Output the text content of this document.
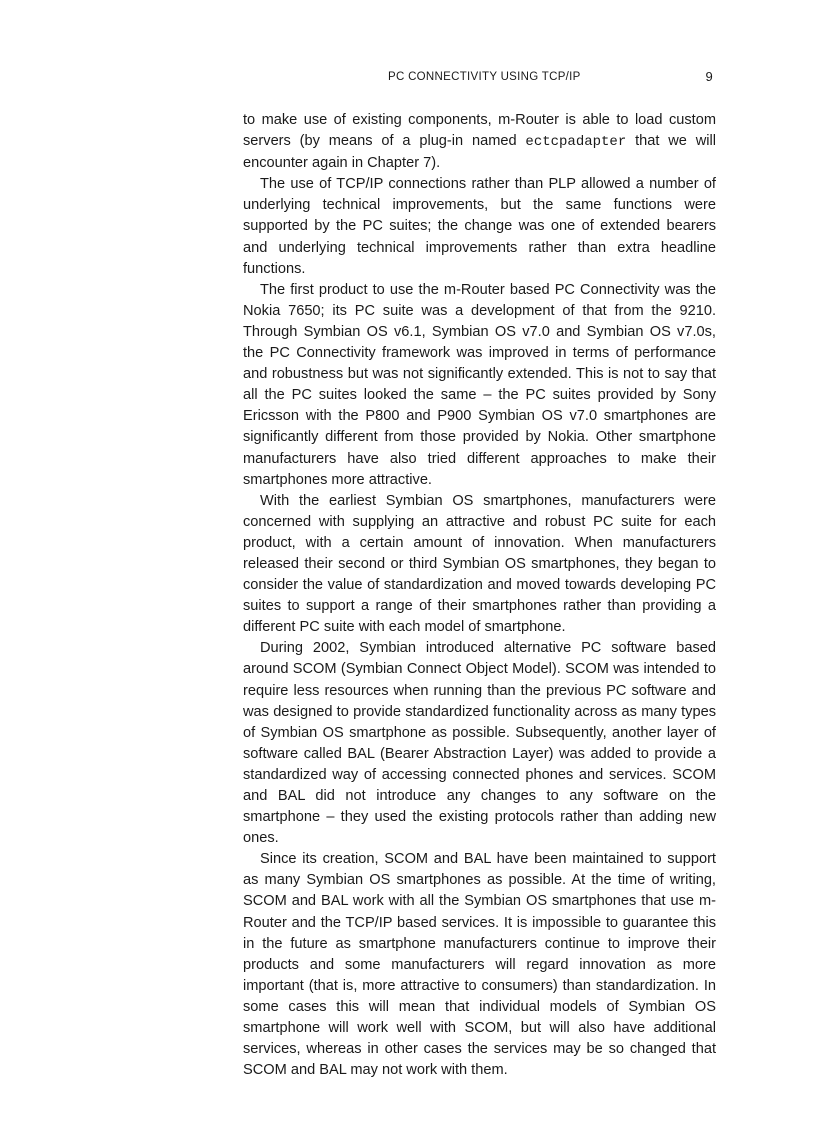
PC CONNECTIVITY USING TCP/IP	9

to make use of existing components, m-Router is able to load custom servers (by means of a plug-in named ectcpadapter that we will encounter again in Chapter 7).

The use of TCP/IP connections rather than PLP allowed a number of underlying technical improvements, but the same functions were supported by the PC suites; the change was one of extended bearers and underlying technical improvements rather than extra headline functions.

The first product to use the m-Router based PC Connectivity was the Nokia 7650; its PC suite was a development of that from the 9210. Through Symbian OS v6.1, Symbian OS v7.0 and Symbian OS v7.0s, the PC Connectivity framework was improved in terms of performance and robustness but was not significantly extended. This is not to say that all the PC suites looked the same – the PC suites provided by Sony Ericsson with the P800 and P900 Symbian OS v7.0 smartphones are significantly different from those provided by Nokia. Other smartphone manufacturers have also tried different approaches to make their smartphones more attractive.

With the earliest Symbian OS smartphones, manufacturers were concerned with supplying an attractive and robust PC suite for each product, with a certain amount of innovation. When manufacturers released their second or third Symbian OS smartphones, they began to consider the value of standardization and moved towards developing PC suites to support a range of their smartphones rather than providing a different PC suite with each model of smartphone.

During 2002, Symbian introduced alternative PC software based around SCOM (Symbian Connect Object Model). SCOM was intended to require less resources when running than the previous PC software and was designed to provide standardized functionality across as many types of Symbian OS smartphone as possible. Subsequently, another layer of software called BAL (Bearer Abstraction Layer) was added to provide a standardized way of accessing connected phones and services. SCOM and BAL did not introduce any changes to any software on the smartphone – they used the existing protocols rather than adding new ones.

Since its creation, SCOM and BAL have been maintained to support as many Symbian OS smartphones as possible. At the time of writing, SCOM and BAL work with all the Symbian OS smartphones that use m-Router and the TCP/IP based services. It is impossible to guarantee this in the future as smartphone manufacturers continue to improve their products and some manufacturers will regard innovation as more important (that is, more attractive to consumers) than standardization. In some cases this will mean that individual models of Symbian OS smartphone will work well with SCOM, but will also have additional services, whereas in other cases the services may be so changed that SCOM and BAL may not work with them.
